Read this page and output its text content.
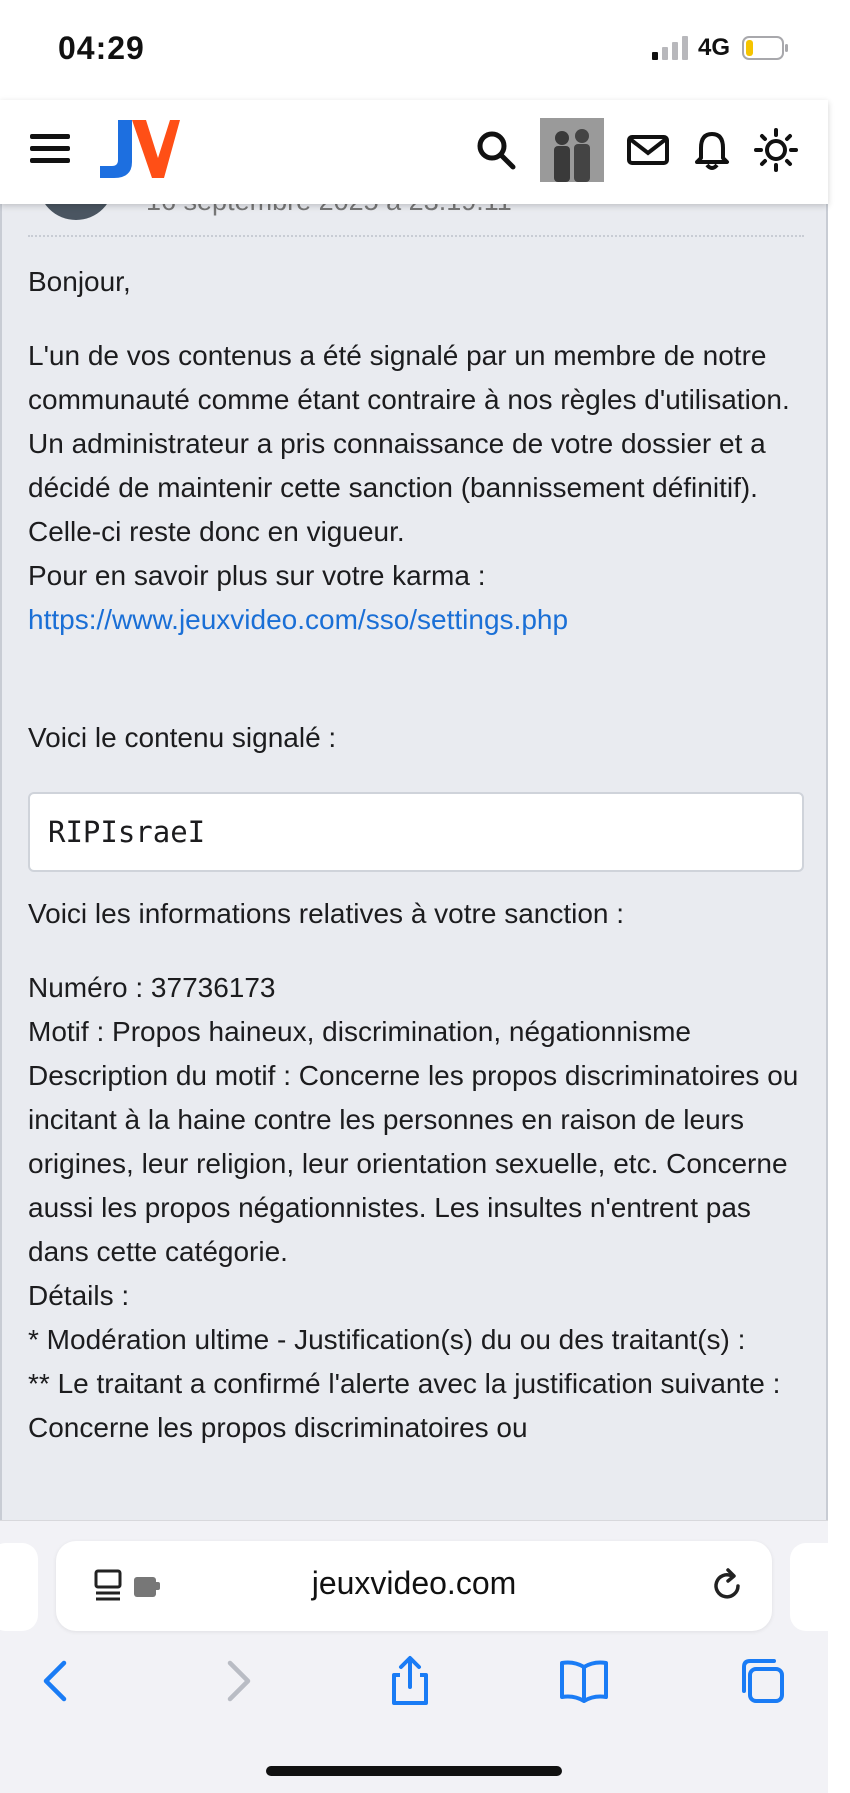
04:29	4G
Bonjour,
L'un de vos contenus a été signalé par un membre de notre communauté comme étant contraire à nos règles d'utilisation.
Un administrateur a pris connaissance de votre dossier et a décidé de maintenir cette sanction (bannissement définitif). Celle-ci reste donc en vigueur.
Pour en savoir plus sur votre karma :
https://www.jeuxvideo.com/sso/settings.php
Voici le contenu signalé :
RIPIsraeI
Voici les informations relatives à votre sanction :
Numéro : 37736173
Motif : Propos haineux, discrimination, négationnisme
Description du motif : Concerne les propos discriminatoires ou incitant à la haine contre les personnes en raison de leurs origines, leur religion, leur orientation sexuelle, etc. Concerne aussi les propos négationnistes. Les insultes n'entrent pas dans cette catégorie.
Détails :
* Modération ultime - Justification(s) du ou des traitant(s) :
** Le traitant a confirmé l'alerte avec la justification suivante : Concerne les propos discriminatoires ou
jeuxvideo.com
